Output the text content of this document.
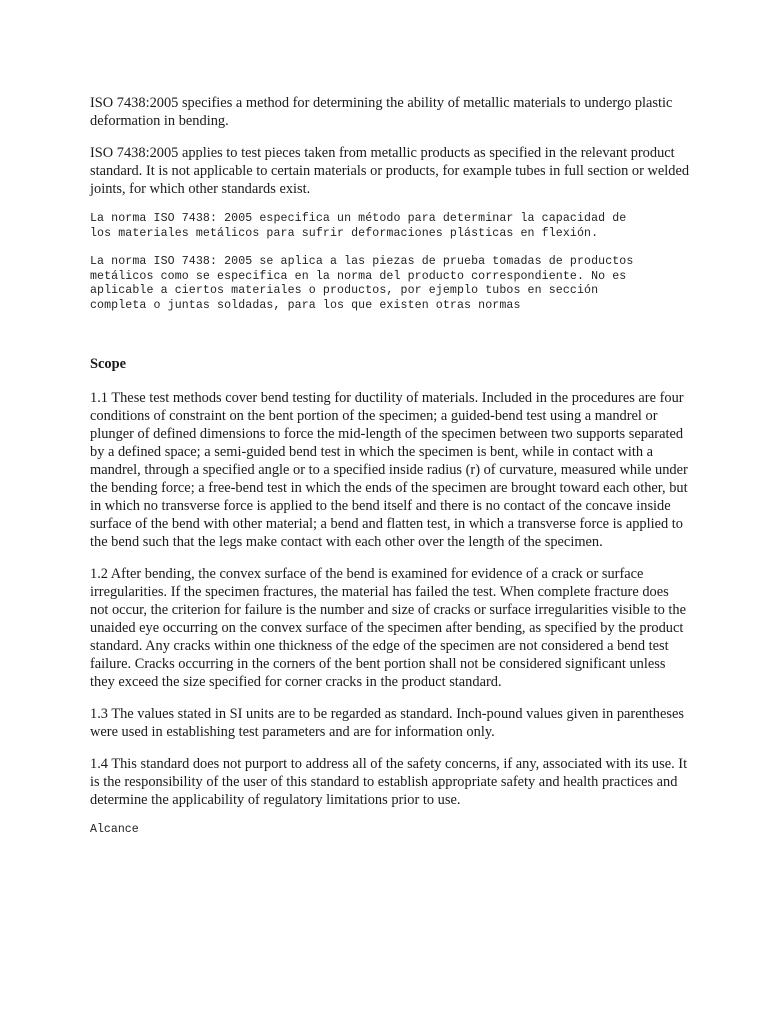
ISO 7438:2005 specifies a method for determining the ability of metallic materials to undergo plastic deformation in bending.

ISO 7438:2005 applies to test pieces taken from metallic products as specified in the relevant product standard. It is not applicable to certain materials or products, for example tubes in full section or welded joints, for which other standards exist.

La norma ISO 7438: 2005 especifica un método para determinar la capacidad de
los materiales metálicos para sufrir deformaciones plásticas en flexión.

La norma ISO 7438: 2005 se aplica a las piezas de prueba tomadas de productos
metálicos como se especifica en la norma del producto correspondiente. No es
aplicable a ciertos materiales o productos, por ejemplo tubos en sección
completa o juntas soldadas, para los que existen otras normas

Scope

1.1 These test methods cover bend testing for ductility of materials. Included in the procedures are four conditions of constraint on the bent portion of the specimen; a guided-bend test using a mandrel or plunger of defined dimensions to force the mid-length of the specimen between two supports separated by a defined space; a semi-guided bend test in which the specimen is bent, while in contact with a mandrel, through a specified angle or to a specified inside radius (r) of curvature, measured while under the bending force; a free-bend test in which the ends of the specimen are brought toward each other, but in which no transverse force is applied to the bend itself and there is no contact of the concave inside surface of the bend with other material; a bend and flatten test, in which a transverse force is applied to the bend such that the legs make contact with each other over the length of the specimen.

1.2 After bending, the convex surface of the bend is examined for evidence of a crack or surface irregularities. If the specimen fractures, the material has failed the test. When complete fracture does not occur, the criterion for failure is the number and size of cracks or surface irregularities visible to the unaided eye occurring on the convex surface of the specimen after bending, as specified by the product standard. Any cracks within one thickness of the edge of the specimen are not considered a bend test failure. Cracks occurring in the corners of the bent portion shall not be considered significant unless they exceed the size specified for corner cracks in the product standard.

1.3 The values stated in SI units are to be regarded as standard. Inch-pound values given in parentheses were used in establishing test parameters and are for information only.

1.4 This standard does not purport to address all of the safety concerns, if any, associated with its use. It is the responsibility of the user of this standard to establish appropriate safety and health practices and determine the applicability of regulatory limitations prior to use.

Alcance
